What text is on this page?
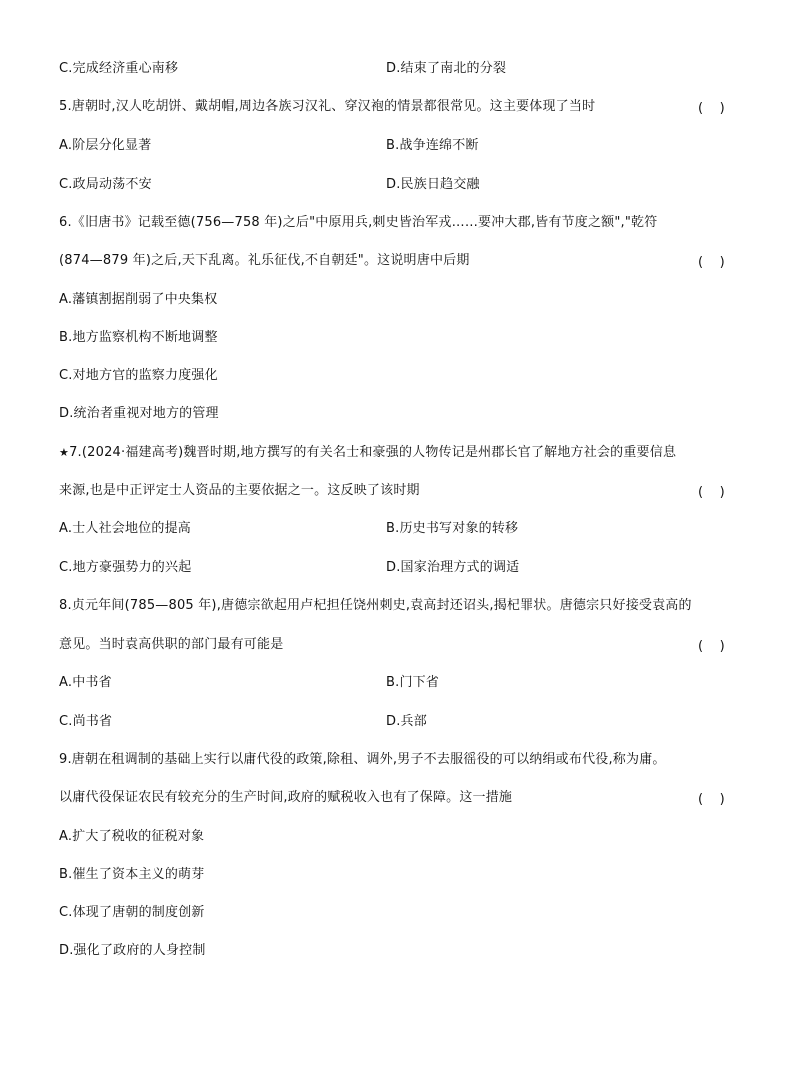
C.完成经济重心南移	D.结束了南北的分裂
5.唐朝时,汉人吃胡饼、戴胡帽,周边各族习汉礼、穿汉袍的情景都很常见。这主要体现了当时	(    )
A.阶层分化显著	B.战争连绵不断
C.政局动荡不安	D.民族日趋交融
6.《旧唐书》记载至德(756—758 年)之后"中原用兵,刺史皆治军戎……要冲大郡,皆有节度之额","乾符
(874—879 年)之后,天下乱离。礼乐征伐,不自朝廷"。这说明唐中后期	(    )
A.藩镇割据削弱了中央集权
B.地方监察机构不断地调整
C.对地方官的监察力度强化
D.统治者重视对地方的管理
★7.(2024·福建高考)魏晋时期,地方撰写的有关名士和豪强的人物传记是州郡长官了解地方社会的重要信息
来源,也是中正评定士人资品的主要依据之一。这反映了该时期	(    )
A.士人社会地位的提高	B.历史书写对象的转移
C.地方豪强势力的兴起	D.国家治理方式的调适
8.贞元年间(785—805 年),唐德宗欲起用卢杞担任饶州刺史,袁高封还诏头,揭杞罪状。唐德宗只好接受袁高的
意见。当时袁高供职的部门最有可能是	(    )
A.中书省	B.门下省
C.尚书省	D.兵部
9.唐朝在租调制的基础上实行以庸代役的政策,除租、调外,男子不去服徭役的可以纳绢或布代役,称为庸。
以庸代役保证农民有较充分的生产时间,政府的赋税收入也有了保障。这一措施	(    )
A.扩大了税收的征税对象
B.催生了资本主义的萌芽
C.体现了唐朝的制度创新
D.强化了政府的人身控制
